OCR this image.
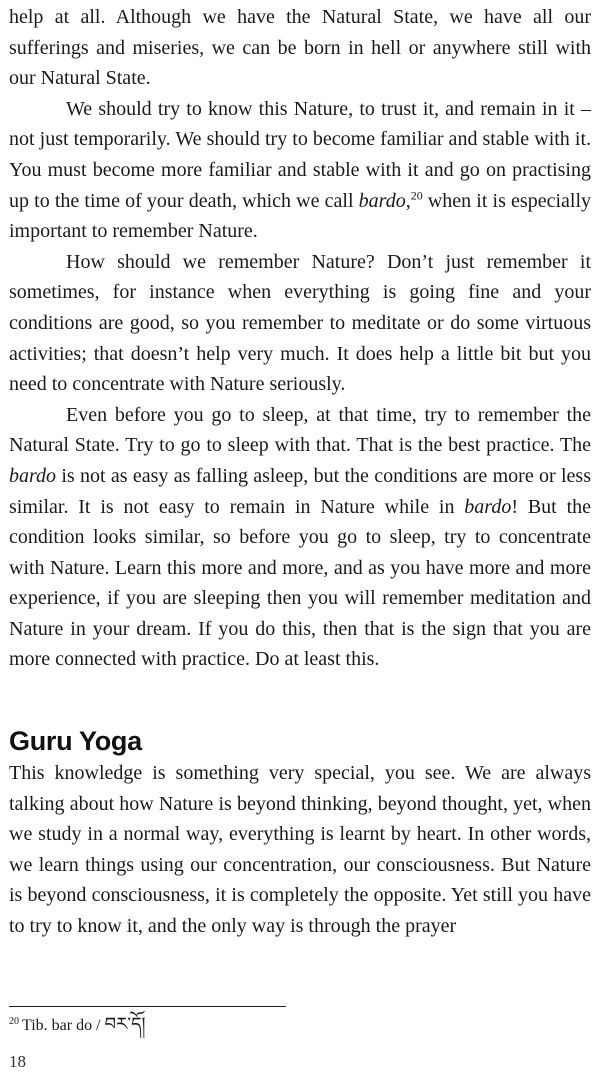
help at all. Although we have the Natural State, we have all our sufferings and miseries, we can be born in hell or anywhere still with our Natural State.

We should try to know this Nature, to trust it, and remain in it – not just temporarily. We should try to become familiar and stable with it. You must become more familiar and stable with it and go on practising up to the time of your death, which we call bardo,$^{20}$ when it is especially important to remember Nature.

How should we remember Nature? Don’t just remember it sometimes, for instance when everything is going fine and your conditions are good, so you remember to meditate or do some virtuous activities; that doesn’t help very much. It does help a little bit but you need to concentrate with Nature seriously.

Even before you go to sleep, at that time, try to remember the Natural State. Try to go to sleep with that. That is the best practice. The bardo is not as easy as falling asleep, but the conditions are more or less similar. It is not easy to remain in Nature while in bardo! But the condition looks similar, so before you go to sleep, try to concentrate with Nature. Learn this more and more, and as you have more and more experience, if you are sleeping then you will remember meditation and Nature in your dream. If you do this, then that is the sign that you are more connected with practice. Do at least this.

Guru Yoga

This knowledge is something very special, you see. We are always talking about how Nature is beyond thinking, beyond thought, yet, when we study in a normal way, everything is learnt by heart. In other words, we learn things using our concentration, our consciousness. But Nature is beyond consciousness, it is completely the opposite. Yet still you have to try to know it, and the only way is through the prayer

$^{20}$ Tib. bar do / བར་དོ།
18
